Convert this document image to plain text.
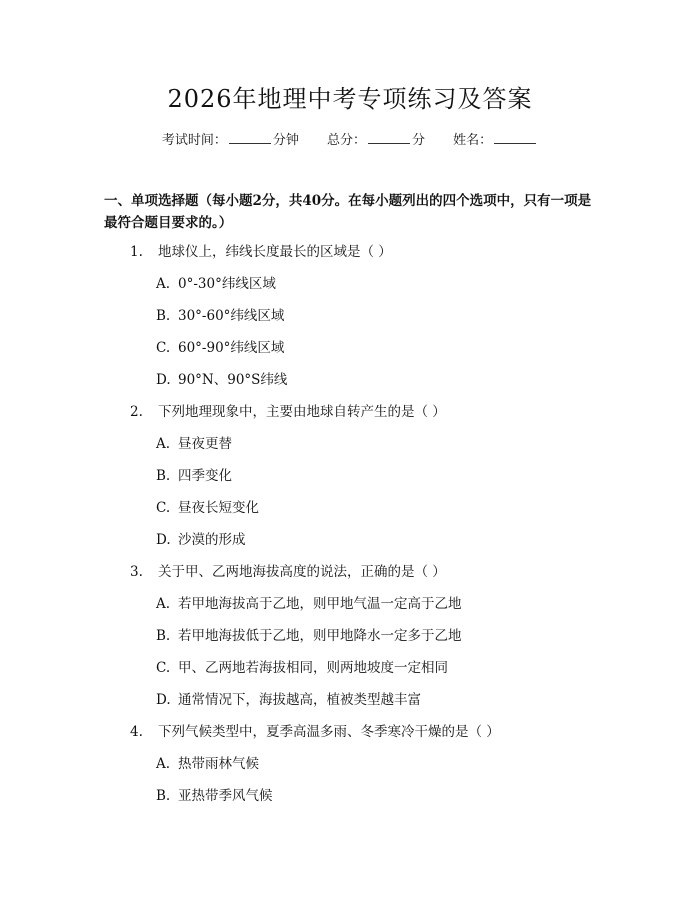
2026年地理中考专项练习及答案
考试时间：	分钟 总分：	分 姓名：
一、单项选择题（每小题2分，共40分。在每小题列出的四个选项中，只有一项是最符合题目要求的。）
1. 地球仪上，纬线长度最长的区域是（ ）
A. 0°-30°纬线区域
B. 30°-60°纬线区域
C. 60°-90°纬线区域
D. 90°N、90°S纬线
2. 下列地理现象中，主要由地球自转产生的是（ ）
A. 昼夜更替
B. 四季变化
C. 昼夜长短变化
D. 沙漠的形成
3. 关于甲、乙两地海拔高度的说法，正确的是（ ）
A. 若甲地海拔高于乙地，则甲地气温一定高于乙地
B. 若甲地海拔低于乙地，则甲地降水一定多于乙地
C. 甲、乙两地若海拔相同，则两地坡度一定相同
D. 通常情况下，海拔越高，植被类型越丰富
4. 下列气候类型中，夏季高温多雨、冬季寒冷干燥的是（ ）
A. 热带雨林气候
B. 亚热带季风气候
